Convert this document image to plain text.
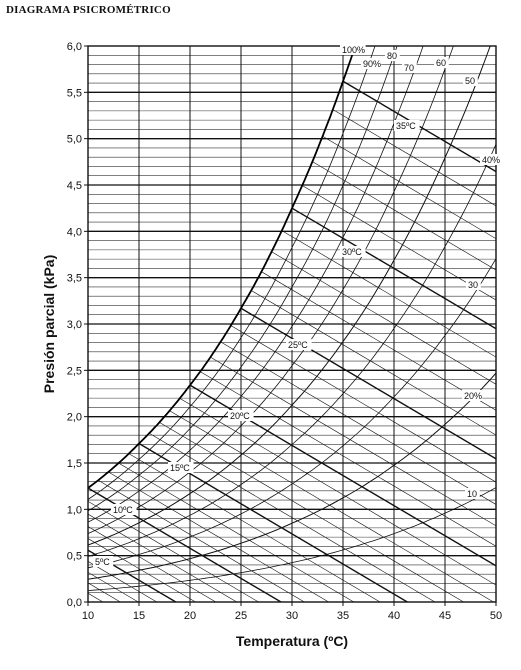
DIAGRAMA PSICROMÉTRICO
0,0
0,5
1,0
1,5
2,0
2,5
3,0
3,5
4,0
4,5
5,0
5,5
6,0
10	15	20	25	30	35	40	45	50
100%
90%
80
70 60
50
40%
30
20%
10
5ºC
10ºC
15ºC
20ºC
25ºC
30ºC
35ºC
Temperatura (ºC)
Presión parcial (kPa)
